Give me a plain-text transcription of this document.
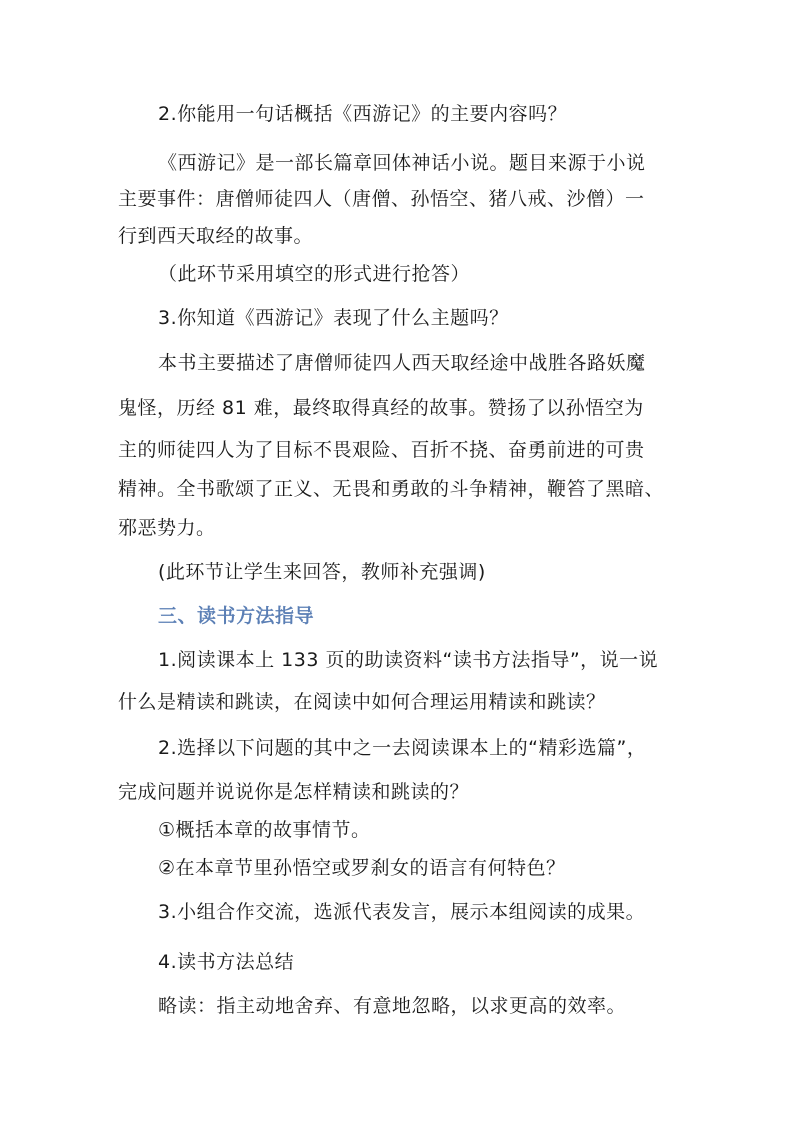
2.你能用一句话概括《西游记》的主要内容吗？
《西游记》是一部长篇章回体神话小说。题目来源于小说
主要事件：唐僧师徒四人（唐僧、孙悟空、猪八戒、沙僧）一
行到西天取经的故事。
（此环节采用填空的形式进行抢答）
3.你知道《西游记》表现了什么主题吗？
本书主要描述了唐僧师徒四人西天取经途中战胜各路妖魔
鬼怪，历经 81 难，最终取得真经的故事。赞扬了以孙悟空为
主的师徒四人为了目标不畏艰险、百折不挠、奋勇前进的可贵
精神。全书歌颂了正义、无畏和勇敢的斗争精神，鞭笞了黑暗、
邪恶势力。
(此环节让学生来回答，教师补充强调)
三、读书方法指导
1.阅读课本上 133 页的助读资料“读书方法指导”，说一说
什么是精读和跳读，在阅读中如何合理运用精读和跳读？
2.选择以下问题的其中之一去阅读课本上的“精彩选篇”，
完成问题并说说你是怎样精读和跳读的？
①概括本章的故事情节。
②在本章节里孙悟空或罗刹女的语言有何特色？
3.小组合作交流，选派代表发言，展示本组阅读的成果。
4.读书方法总结
略读：指主动地舍弃、有意地忽略，以求更高的效率。
